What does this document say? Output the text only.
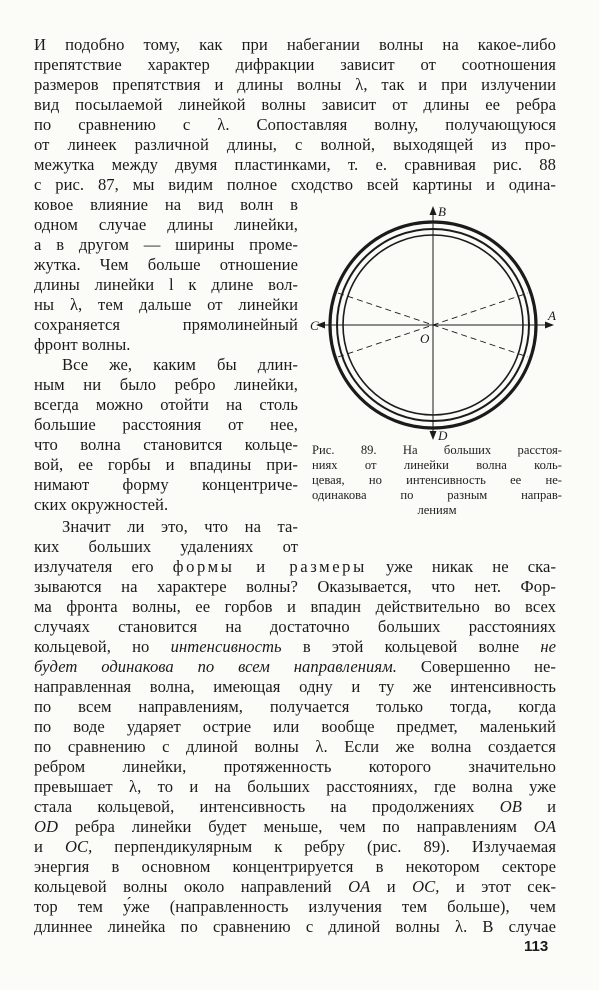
И подобно тому, как при набегании волны на какое-либо
препятствие характер дифракции зависит от соотношения
размеров препятствия и длины волны λ, так и при излучении
вид посылаемой линейкой волны зависит от длины ее ребра
по сравнению с λ. Сопоставляя волну, получающуюся
от линеек различной длины, с волной, выходящей из про-
межутка между двумя пластинками, т. е. сравнивая рис. 88
с рис. 87, мы видим полное сходство всей картины и одина-
ковое влияние на вид волн в
одном случае длины линейки,
а в другом — ширины проме-
жутка. Чем больше отношение
длины линейки l к длине вол-
ны λ, тем дальше от линейки
сохраняется прямолинейный
фронт волны.
Все же, каким бы длин-
ным ни было ребро линейки,
всегда можно отойти на столь
большие расстояния от нее,
что волна становится кольце-
вой, ее горбы и впадины при-
нимают форму концентриче-
ских окружностей.
Значит ли это, что на та-
ких больших удалениях от
излучателя его формы и размеры уже никак не ска-
зываются на характере волны? Оказывается, что нет. Фор-
ма фронта волны, ее горбов и впадин действительно во всех
случаях становится на достаточно больших расстояниях
кольцевой, но интенсивность в этой кольцевой волне не
будет одинакова по всем направлениям. Совершенно не-
направленная волна, имеющая одну и ту же интенсивность
по всем направлениям, получается только тогда, когда
по воде ударяет острие или вообще предмет, маленький
по сравнению с длиной волны λ. Если же волна создается
ребром линейки, протяженность которого значительно
превышает λ, то и на больших расстояниях, где волна уже
стала кольцевой, интенсивность на продолжениях OB и
OD ребра линейки будет меньше, чем по направлениям OA
и OC, перпендикулярным к ребру (рис. 89). Излучаемая
энергия в основном концентрируется в некотором секторе
кольцевой волны около направлений OA и OC, и этот сек-
тор тем у́же (направленность излучения тем больше), чем
длиннее линейка по сравнению с длиной волны λ. В случае
B
D
A
C
O
Рис. 89. На больших расстоя-
ниях от линейки волна коль-
цевая, но интенсивность ее не-
одинакова по разным направ-
лениям
113
